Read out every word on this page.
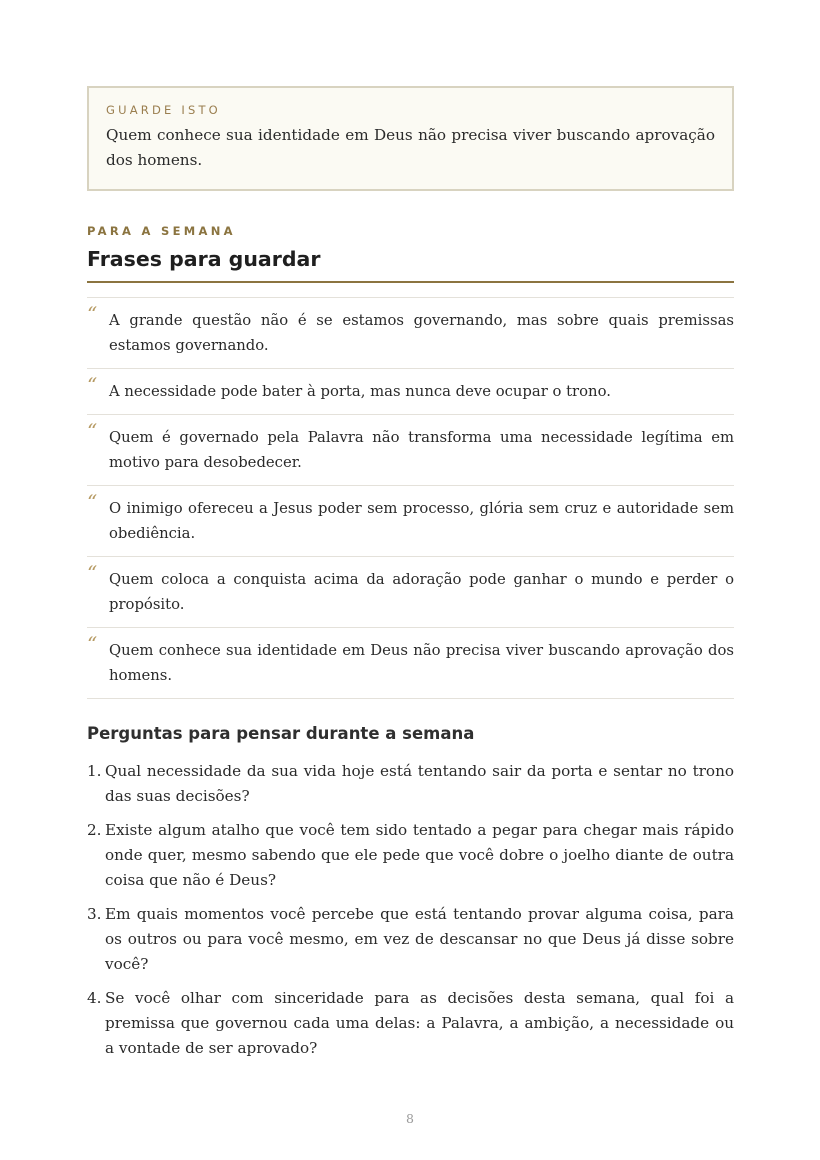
GUARDE ISTO
Quem conhece sua identidade em Deus não precisa viver buscando aprovação dos homens.
PARA A SEMANA
Frases para guardar
“ A grande questão não é se estamos governando, mas sobre quais premissas estamos governando.
“ A necessidade pode bater à porta, mas nunca deve ocupar o trono.
“ Quem é governado pela Palavra não transforma uma necessidade legítima em motivo para desobedecer.
“ O inimigo ofereceu a Jesus poder sem processo, glória sem cruz e autoridade sem obediência.
“ Quem coloca a conquista acima da adoração pode ganhar o mundo e perder o propósito.
“ Quem conhece sua identidade em Deus não precisa viver buscando aprovação dos homens.
Perguntas para pensar durante a semana
1. Qual necessidade da sua vida hoje está tentando sair da porta e sentar no trono das suas decisões?
2. Existe algum atalho que você tem sido tentado a pegar para chegar mais rápido onde quer, mesmo sabendo que ele pede que você dobre o joelho diante de outra coisa que não é Deus?
3. Em quais momentos você percebe que está tentando provar alguma coisa, para os outros ou para você mesmo, em vez de descansar no que Deus já disse sobre você?
4. Se você olhar com sinceridade para as decisões desta semana, qual foi a premissa que governou cada uma delas: a Palavra, a ambição, a necessidade ou a vontade de ser aprovado?
8
